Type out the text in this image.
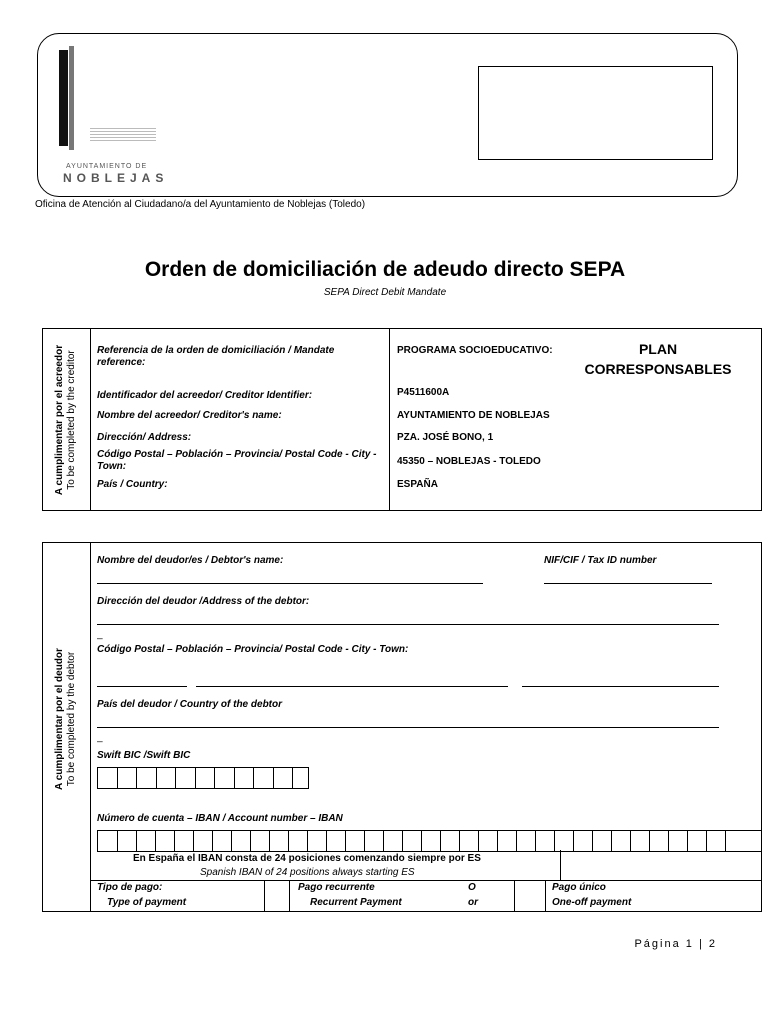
AYUNTAMIENTO DE
NOBLEJAS
Oficina de Atención al Ciudadano/a del Ayuntamiento de Noblejas (Toledo)
Orden de domiciliación de adeudo directo SEPA
SEPA Direct Debit Mandate
A cumplimentar por el acreedor To be completed by the creditor Referencia de la orden de domiciliación / Mandate reference:
Identificador del acreedor/ Creditor Identifier:
Nombre del acreedor/ Creditor's name:
Dirección/ Address:
Código Postal – Población – Provincia/ Postal Code - City - Town:
País / Country:
PROGRAMA SOCIOEDUCATIVO:	PLAN
CORRESPONSABLES
P4511600A
AYUNTAMIENTO DE NOBLEJAS
PZA. JOSÉ BONO, 1
45350 – NOBLEJAS - TOLEDO
ESPAÑA
A cumplimentar por el deudor To be completed by the debtor
Nombre del deudor/es / Debtor's name:	NIF/CIF / Tax ID number
Dirección del deudor /Address of the debtor:
_
Código Postal – Población – Provincia/ Postal Code - City - Town:
País del deudor / Country of the debtor
_
Swift BIC /Swift BIC
Número de cuenta – IBAN / Account number – IBAN
En España el IBAN consta de 24 posiciones comenzando siempre por ES
Spanish IBAN of 24 positions always starting ES
Tipo de pago:
Type of payment
Pago recurrente
Recurrent Payment
O
or
Pago único
One-off payment
Página 1 | 2
